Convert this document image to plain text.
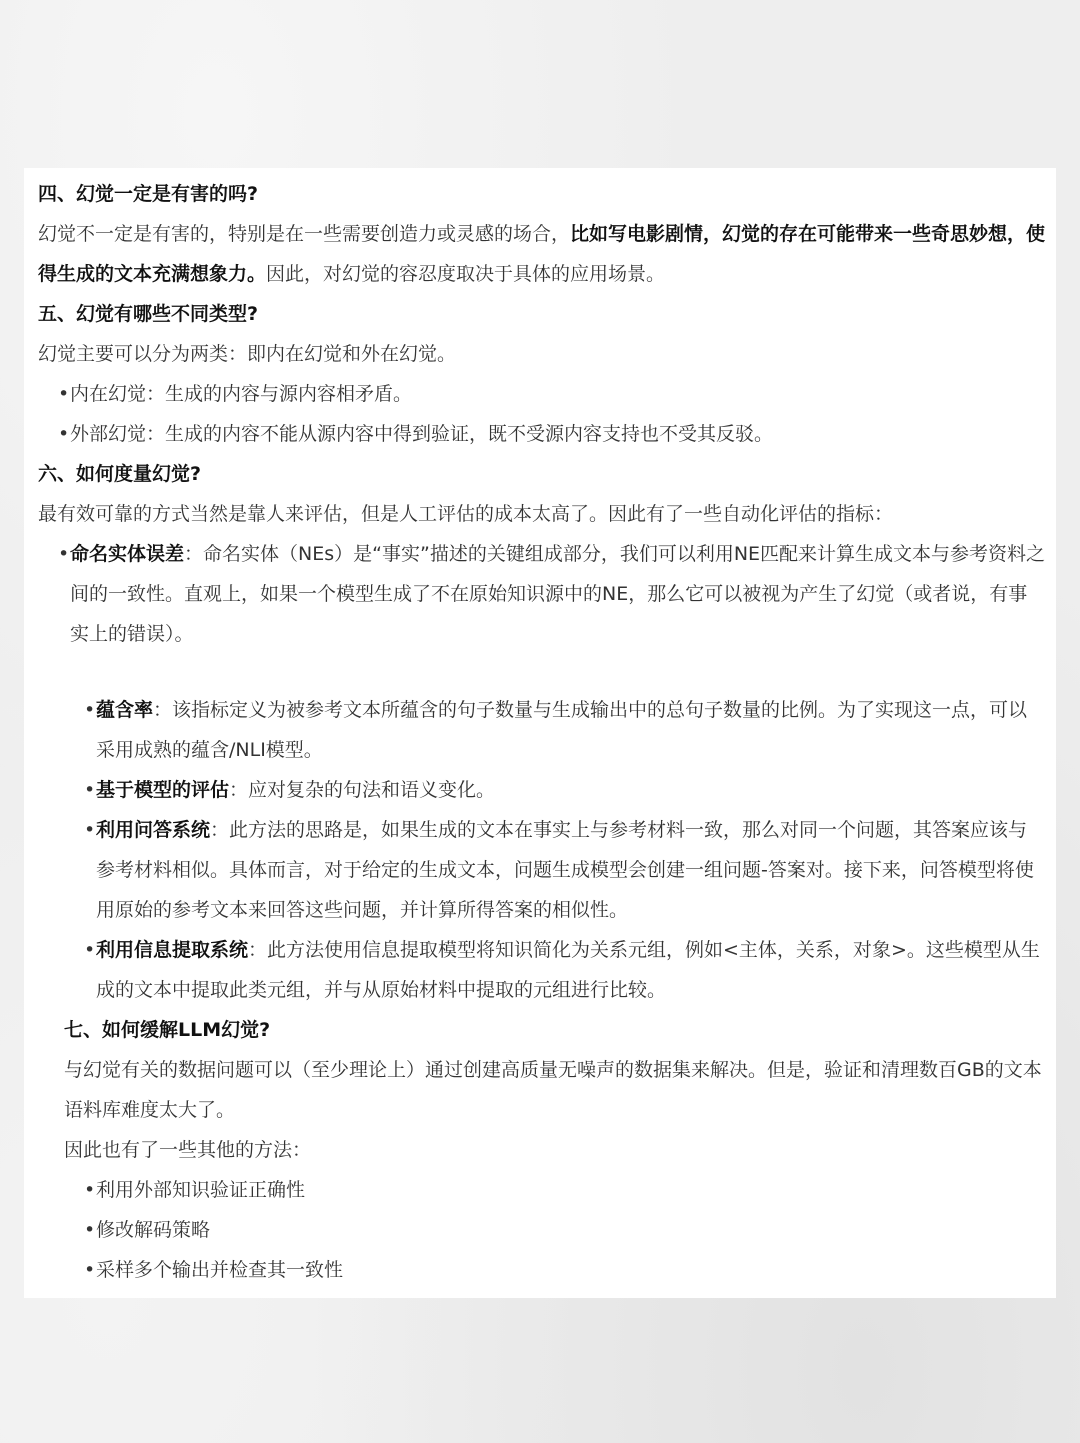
四、幻觉一定是有害的吗?

幻觉不一定是有害的，特别是在一些需要创造力或灵感的场合，比如写电影剧情，幻觉的存在可能带来一些奇思妙想，使得生成的文本充满想象力。因此，对幻觉的容忍度取决于具体的应用场景。

五、幻觉有哪些不同类型?

幻觉主要可以分为两类：即内在幻觉和外在幻觉。

•内在幻觉：生成的内容与源内容相矛盾。

•外部幻觉：生成的内容不能从源内容中得到验证，既不受源内容支持也不受其反驳。

六、如何度量幻觉?

最有效可靠的方式当然是靠人来评估，但是人工评估的成本太高了。因此有了一些自动化评估的指标：

•命名实体误差：命名实体（NEs）是“事实”描述的关键组成部分，我们可以利用NE匹配来计算生成文本与参考资料之间的一致性。直观上，如果一个模型生成了不在原始知识源中的NE，那么它可以被视为产生了幻觉（或者说，有事实上的错误）。

•蕴含率：该指标定义为被参考文本所蕴含的句子数量与生成输出中的总句子数量的比例。为了实现这一点，可以采用成熟的蕴含/NLI模型。

•基于模型的评估：应对复杂的句法和语义变化。

•利用问答系统：此方法的思路是，如果生成的文本在事实上与参考材料一致，那么对同一个问题，其答案应该与参考材料相似。具体而言，对于给定的生成文本，问题生成模型会创建一组问题-答案对。接下来，问答模型将使用原始的参考文本来回答这些问题，并计算所得答案的相似性。

•利用信息提取系统：此方法使用信息提取模型将知识简化为关系元组，例如<主体，关系，对象>。这些模型从生成的文本中提取此类元组，并与从原始材料中提取的元组进行比较。

七、如何缓解LLM幻觉?

与幻觉有关的数据问题可以（至少理论上）通过创建高质量无噪声的数据集来解决。但是，验证和清理数百GB的文本语料库难度太大了。

因此也有了一些其他的方法：

•利用外部知识验证正确性

•修改解码策略

•采样多个输出并检查其一致性
